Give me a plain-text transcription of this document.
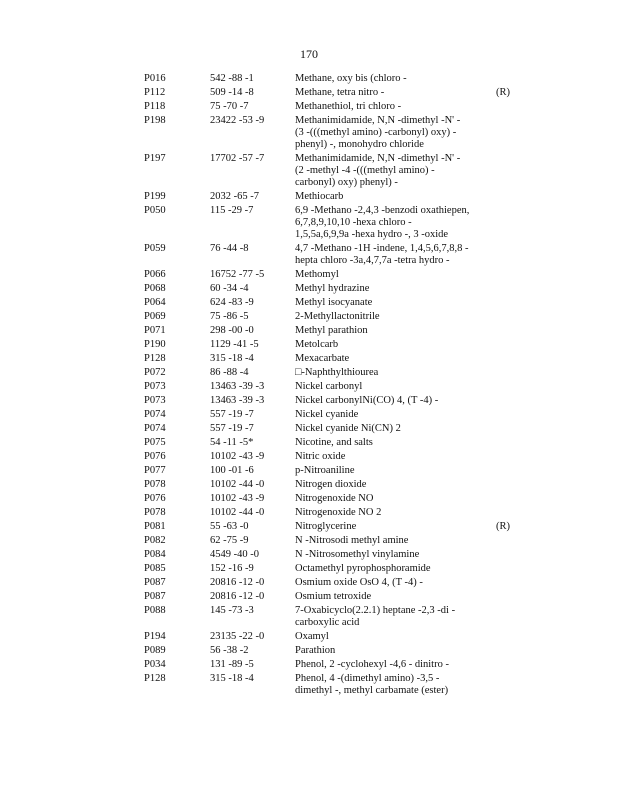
170
P016	542 -88 -1	Methane, oxy bis (chloro -
P112	509 -14 -8	Methane, tetra nitro -	(R)
P118	75 -70 -7	Methanethiol, tri chloro -
P198	23422 -53 -9	Methanimidamide, N,N -dimethyl -N' -
(3 -(((methyl amino) -carbonyl) oxy) -
phenyl) -, monohydro chloride
P197	17702 -57 -7	Methanimidamide, N,N -dimethyl -N' -
(2 -methyl -4 -(((methyl amino) -
carbonyl) oxy) phenyl) -
P199	2032 -65 -7	Methiocarb
P050	115 -29 -7	6,9 -Methano -2,4,3 -benzodi oxathiepen,
6,7,8,9,10,10 -hexa chloro -
1,5,5a,6,9,9a -hexa hydro -, 3 -oxide
P059	76 -44 -8	4,7 -Methano -1H -indene, 1,4,5,6,7,8,8 -
hepta chloro -3a,4,7,7a -tetra hydro -
P066	16752 -77 -5	Methomyl
P068	60 -34 -4	Methyl hydrazine
P064	624 -83 -9	Methyl isocyanate
P069	75 -86 -5	2-Methyllactonitrile
P071	298 -00 -0	Methyl parathion
P190	1129 -41 -5	Metolcarb
P128	315 -18 -4	Mexacarbate
P072	86 -88 -4	□-Naphthylthiourea
P073	13463 -39 -3	Nickel carbonyl
P073	13463 -39 -3	Nickel carbonylNi(CO) 4, (T -4) -
P074	557 -19 -7	Nickel cyanide
P074	557 -19 -7	Nickel cyanide Ni(CN) 2
P075	54 -11 -5*	Nicotine, and salts
P076	10102 -43 -9	Nitric oxide
P077	100 -01 -6	p-Nitroaniline
P078	10102 -44 -0	Nitrogen dioxide
P076	10102 -43 -9	Nitrogenoxide NO
P078	10102 -44 -0	Nitrogenoxide NO 2
P081	55 -63 -0	Nitroglycerine	(R)
P082	62 -75 -9	N -Nitrosodi methyl amine
P084	4549 -40 -0	N -Nitrosomethyl vinylamine
P085	152 -16 -9	Octamethyl pyrophosphoramide
P087	20816 -12 -0	Osmium oxide OsO 4, (T -4) -
P087	20816 -12 -0	Osmium tetroxide
P088	145 -73 -3	7-Oxabicyclo(2.2.1) heptane -2,3 -di -
carboxylic acid
P194	23135 -22 -0	Oxamyl
P089	56 -38 -2	Parathion
P034	131 -89 -5	Phenol, 2 -cyclohexyl -4,6 - dinitro -
P128	315 -18 -4	Phenol, 4 -(dimethyl amino) -3,5 -
dimethyl -, methyl carbamate (ester)
